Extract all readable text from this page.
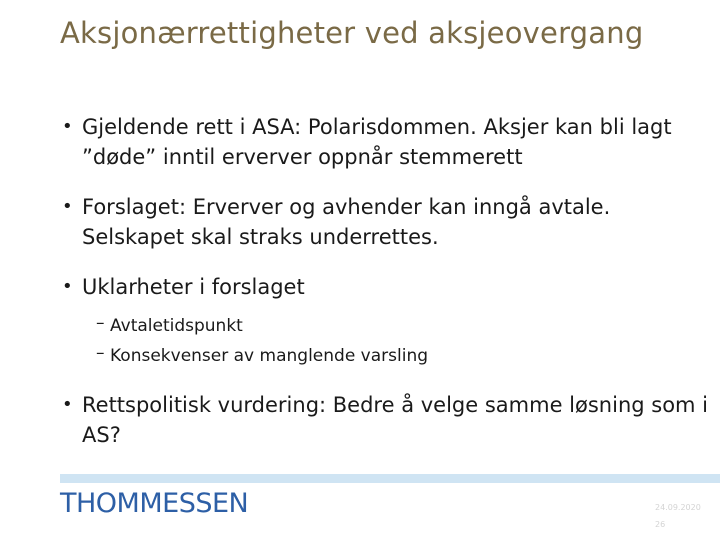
Aksjonærrettigheter ved aksjeovergang
• Gjeldende rett i ASA: Polarisdommen. Aksjer kan bli lagt ”døde” inntil erverver oppnår stemmerett
• Forslaget: Erverver og avhender kan inngå avtale. Selskapet skal straks underrettes.
• Uklarheter i forslaget
– Avtaletidspunkt
– Konsekvenser av manglende varsling
• Rettspolitisk vurdering: Bedre å velge samme løsning som i AS?
THOMMESSEN	24.09.2020
26
